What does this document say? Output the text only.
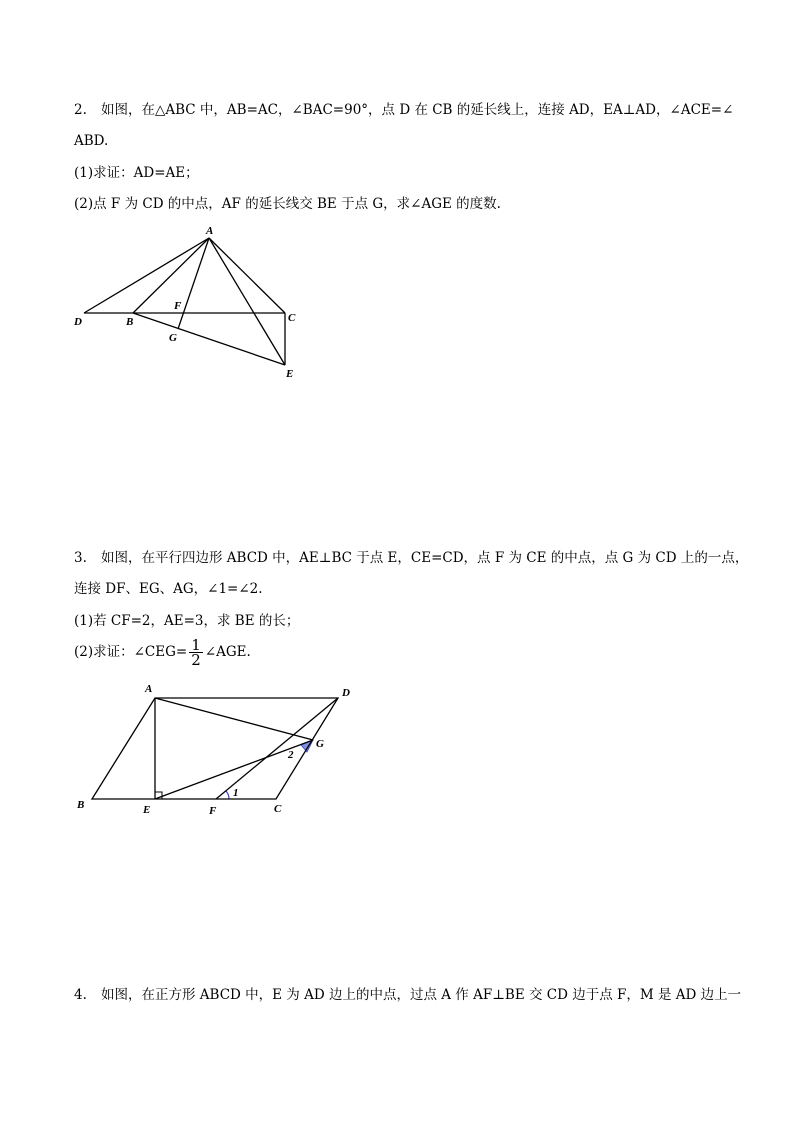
2. 如图，在△ABC 中，AB=AC，∠BAC=90°，点 D 在 CB 的延长线上，连接 AD，EA⊥AD，∠ACE=∠
ABD.
(1)求证：AD=AE；
(2)点 F 为 CD 的中点，AF 的延长线交 BE 于点 G，求∠AGE 的度数.
A
D	B	C
F
G
E
3. 如图，在平行四边形 ABCD 中，AE⊥BC 于点 E，CE=CD，点 F 为 CE 的中点，点 G 为 CD 上的一点，
连接 DF、EG、AG，∠1=∠2.
(1)若 CF=2，AE=3，求 BE 的长；
(2)求证：∠CEG= $\frac{1}{2}$ ∠AGE.
A	D
G
B	E	F	C
1
2
4. 如图，在正方形 ABCD 中，E 为 AD 边上的中点，过点 A 作 AF⊥BE 交 CD 边于点 F，M 是 AD 边上一
